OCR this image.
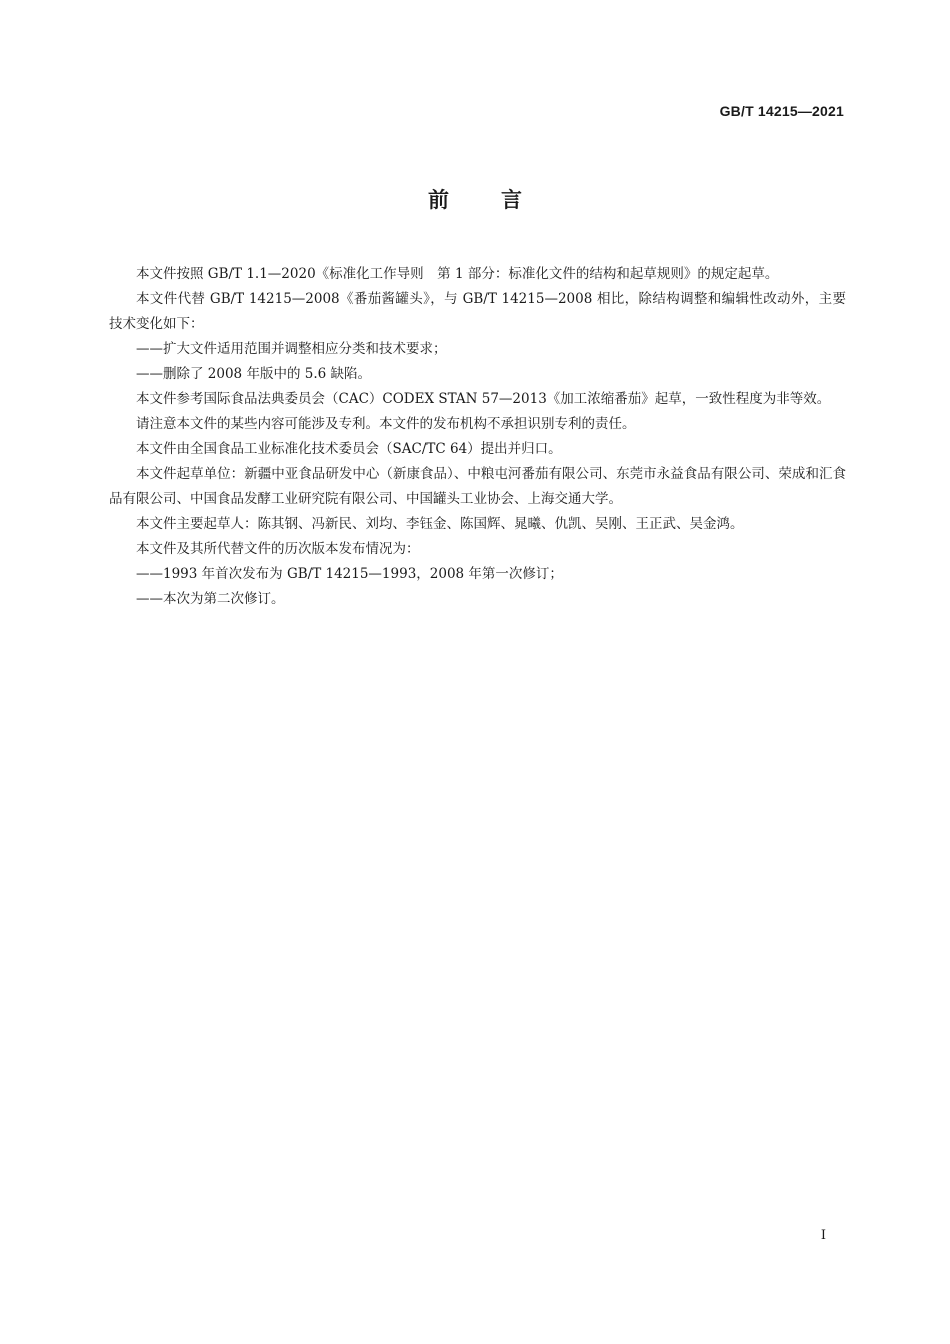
GB/T 14215—2021
前 言

本文件按照 GB/T 1.1—2020《标准化工作导则　第 1 部分：标准化文件的结构和起草规则》的规定起草。

本文件代替 GB/T 14215—2008《番茄酱罐头》，与 GB/T 14215—2008 相比，除结构调整和编辑性改动外，主要技术变化如下：

——扩大文件适用范围并调整相应分类和技术要求；

——删除了 2008 年版中的 5.6 缺陷。

本文件参考国际食品法典委员会（CAC）CODEX STAN 57—2013《加工浓缩番茄》起草，一致性程度为非等效。

请注意本文件的某些内容可能涉及专利。本文件的发布机构不承担识别专利的责任。

本文件由全国食品工业标准化技术委员会（SAC/TC 64）提出并归口。

本文件起草单位：新疆中亚食品研发中心（新康食品）、中粮屯河番茄有限公司、东莞市永益食品有限公司、荣成和汇食品有限公司、中国食品发酵工业研究院有限公司、中国罐头工业协会、上海交通大学。

本文件主要起草人：陈其钢、冯新民、刘均、李钰金、陈国辉、晁曦、仇凯、吴刚、王正武、吴金鸿。

本文件及其所代替文件的历次版本发布情况为：

——1993 年首次发布为 GB/T 14215—1993，2008 年第一次修订；

——本次为第二次修订。

I
